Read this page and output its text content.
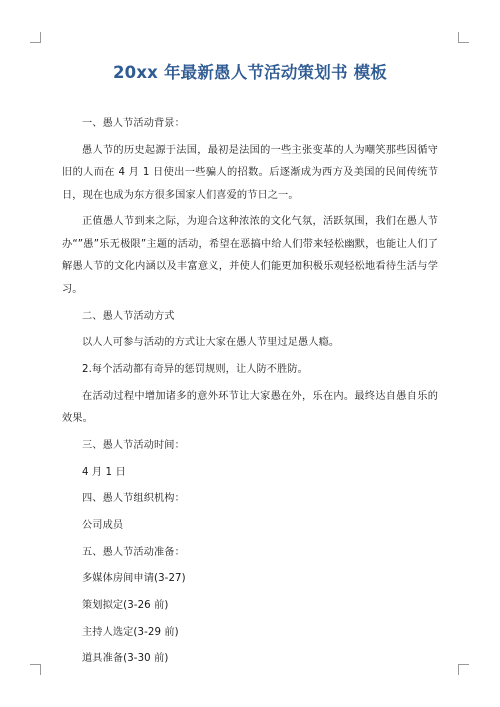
20xx 年最新愚人节活动策划书 模板

一、愚人节活动背景：

愚人节的历史起源于法国，最初是法国的一些主张变革的人为嘲笑那些因循守旧的人而在 4 月 1 日使出一些骗人的招数。后逐渐成为西方及美国的民间传统节日，现在也成为东方很多国家人们喜爱的节日之一。

正值愚人节到来之际，为迎合这种浓浓的文化气氛，活跃氛围，我们在愚人节办“”愚”乐无极限”主题的活动，希望在恶搞中给人们带来轻松幽默，也能让人们了解愚人节的文化内涵以及丰富意义，并使人们能更加积极乐观轻松地看待生活与学习。

二、愚人节活动方式

以人人可参与活动的方式让大家在愚人节里过足愚人瘾。

2.每个活动都有奇异的惩罚规则，让人防不胜防。

在活动过程中增加诸多的意外环节让大家愚在外，乐在内。最终达自愚自乐的效果。

三、愚人节活动时间：

4 月 1 日

四、愚人节组织机构：

公司成员

五、愚人节活动准备：

多媒体房间申请(3-27)

策划拟定(3-26 前)

主持人选定(3-29 前)

道具准备(3-30 前)
